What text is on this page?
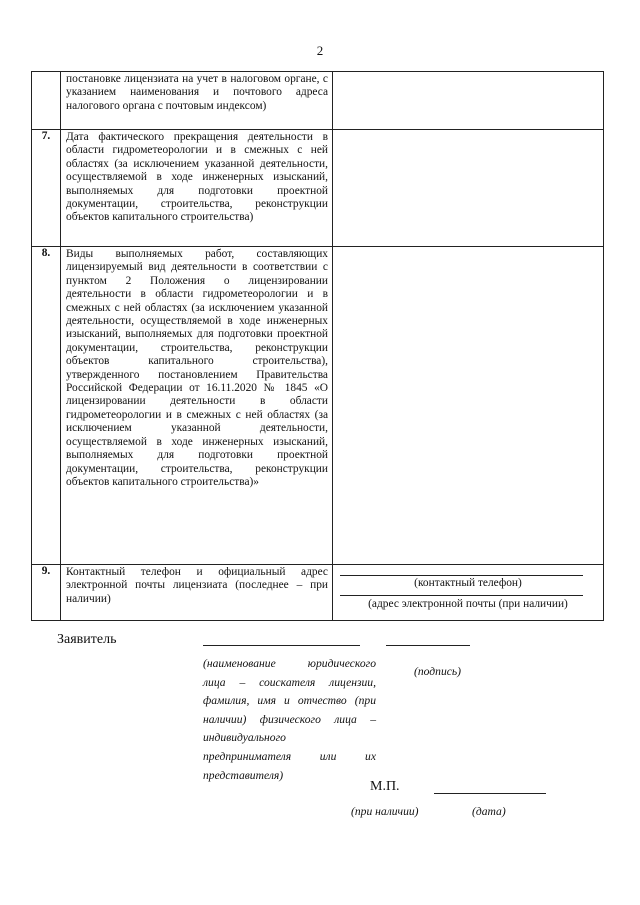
2
	постановке лицензиата на учет в налоговом органе, с указанием наименования и почтового адреса налогового органа с почтовым индексом)	
7.	Дата фактического прекращения деятельности в области гидрометеорологии и в смежных с ней областях (за исключением указанной деятельности, осуществляемой в ходе инженерных изысканий, выполняемых для подготовки проектной документации, строительства, реконструкции объектов капитального строительства)	
8.	Виды выполняемых работ, составляющих лицензируемый вид деятельности в соответствии с пунктом 2 Положения о лицензировании деятельности в области гидрометеорологии и в смежных с ней областях (за исключением указанной деятельности, осуществляемой в ходе инженерных изысканий, выполняемых для подготовки проектной документации, строительства, реконструкции объектов капитального строительства), утвержденного постановлением Правительства Российской Федерации от 16.11.2020 № 1845 «О лицензировании деятельности в области гидрометеорологии и в смежных с ней областях (за исключением указанной деятельности, осуществляемой в ходе инженерных изысканий, выполняемых для подготовки проектной документации, строительства, реконструкции объектов капитального строительства)»	
9.	Контактный телефон и официальный адрес электронной почты лицензиата (последнее – при наличии)	(контактный телефон)
(адрес электронной почты (при наличии)
Заявитель
(наименование юридического
лица – соискателя лицензии,
фамилия, имя и отчество (при
наличии) физического лица –
индивидуального
предпринимателя или их
представителя)
(подпись)
М.П.
(при наличии)	(дата)
